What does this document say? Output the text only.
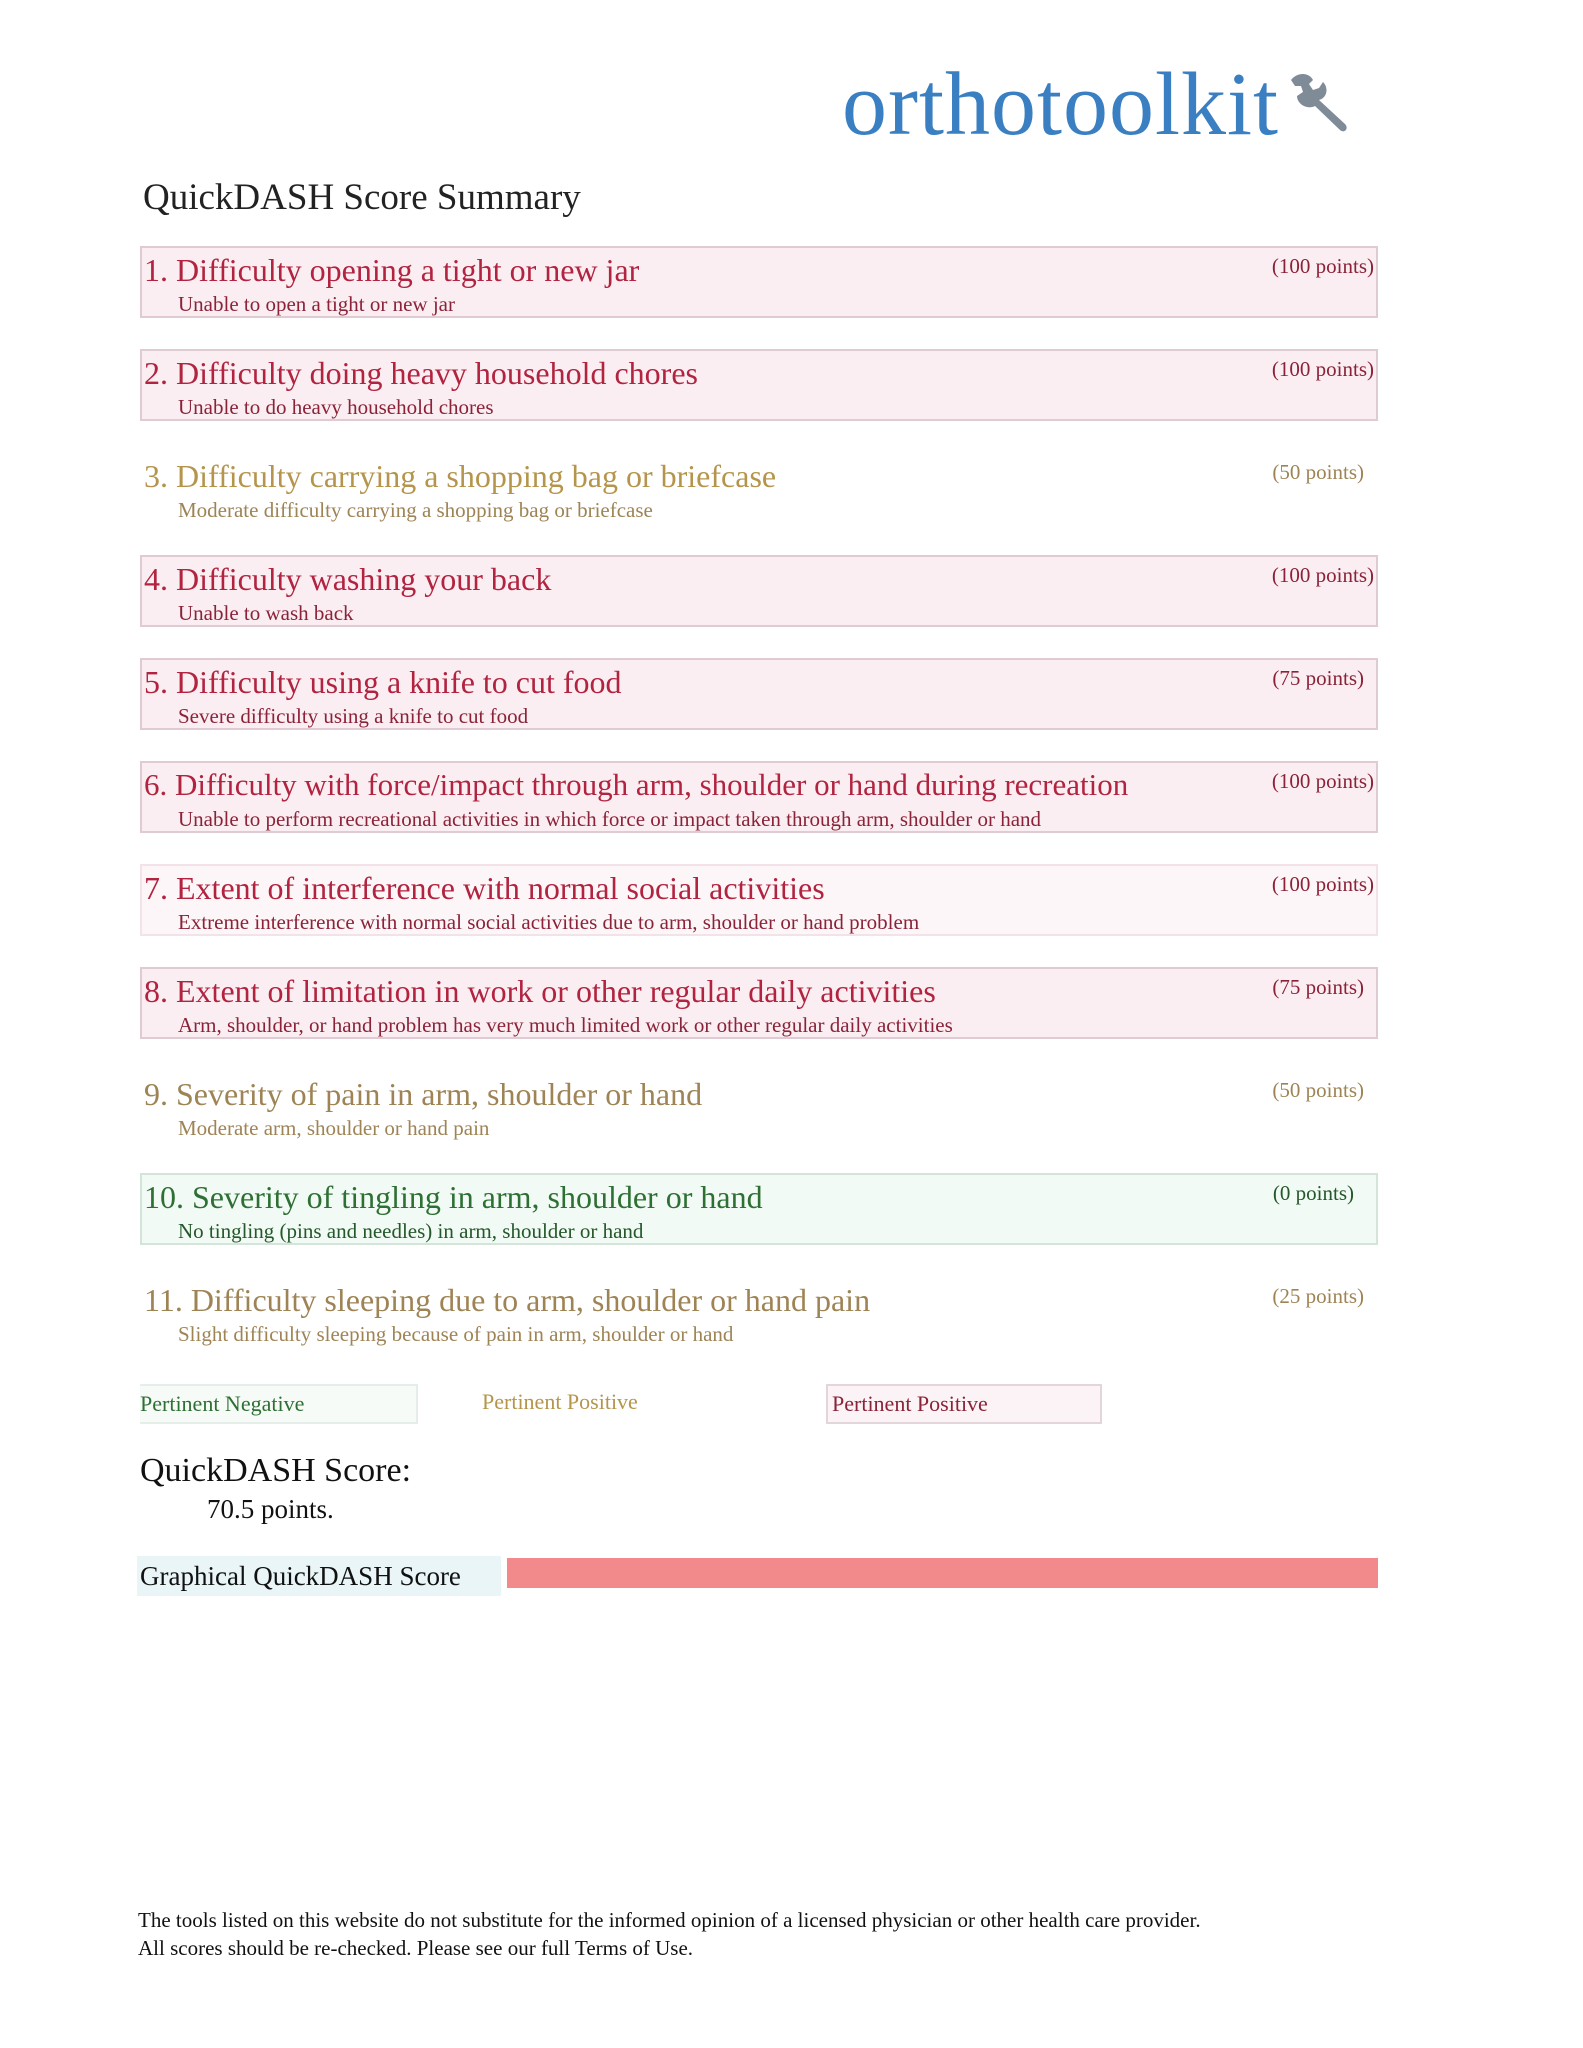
orthotoolkit
QuickDASH Score Summary
1. Difficulty opening a tight or new jar
Unable to open a tight or new jar
(100 points)
2. Difficulty doing heavy household chores
Unable to do heavy household chores
(100 points)
3. Difficulty carrying a shopping bag or briefcase
Moderate difficulty carrying a shopping bag or briefcase
(50 points)
4. Difficulty washing your back
Unable to wash back
(100 points)
5. Difficulty using a knife to cut food
Severe difficulty using a knife to cut food
(75 points)
6. Difficulty with force/impact through arm, shoulder or hand during recreation
Unable to perform recreational activities in which force or impact taken through arm, shoulder or hand
(100 points)
7. Extent of interference with normal social activities
Extreme interference with normal social activities due to arm, shoulder or hand problem
(100 points)
8. Extent of limitation in work or other regular daily activities
Arm, shoulder, or hand problem has very much limited work or other regular daily activities
(75 points)
9. Severity of pain in arm, shoulder or hand
Moderate arm, shoulder or hand pain
(50 points)
10. Severity of tingling in arm, shoulder or hand
No tingling (pins and needles) in arm, shoulder or hand
(0 points)
11. Difficulty sleeping due to arm, shoulder or hand pain
Slight difficulty sleeping because of pain in arm, shoulder or hand
(25 points)
Pertinent Negative	Pertinent Positive	Pertinent Positive
QuickDASH Score:
70.5 points.
Graphical QuickDASH Score
The tools listed on this website do not substitute for the informed opinion of a licensed physician or other health care provider.
All scores should be re-checked. Please see our full Terms of Use.
